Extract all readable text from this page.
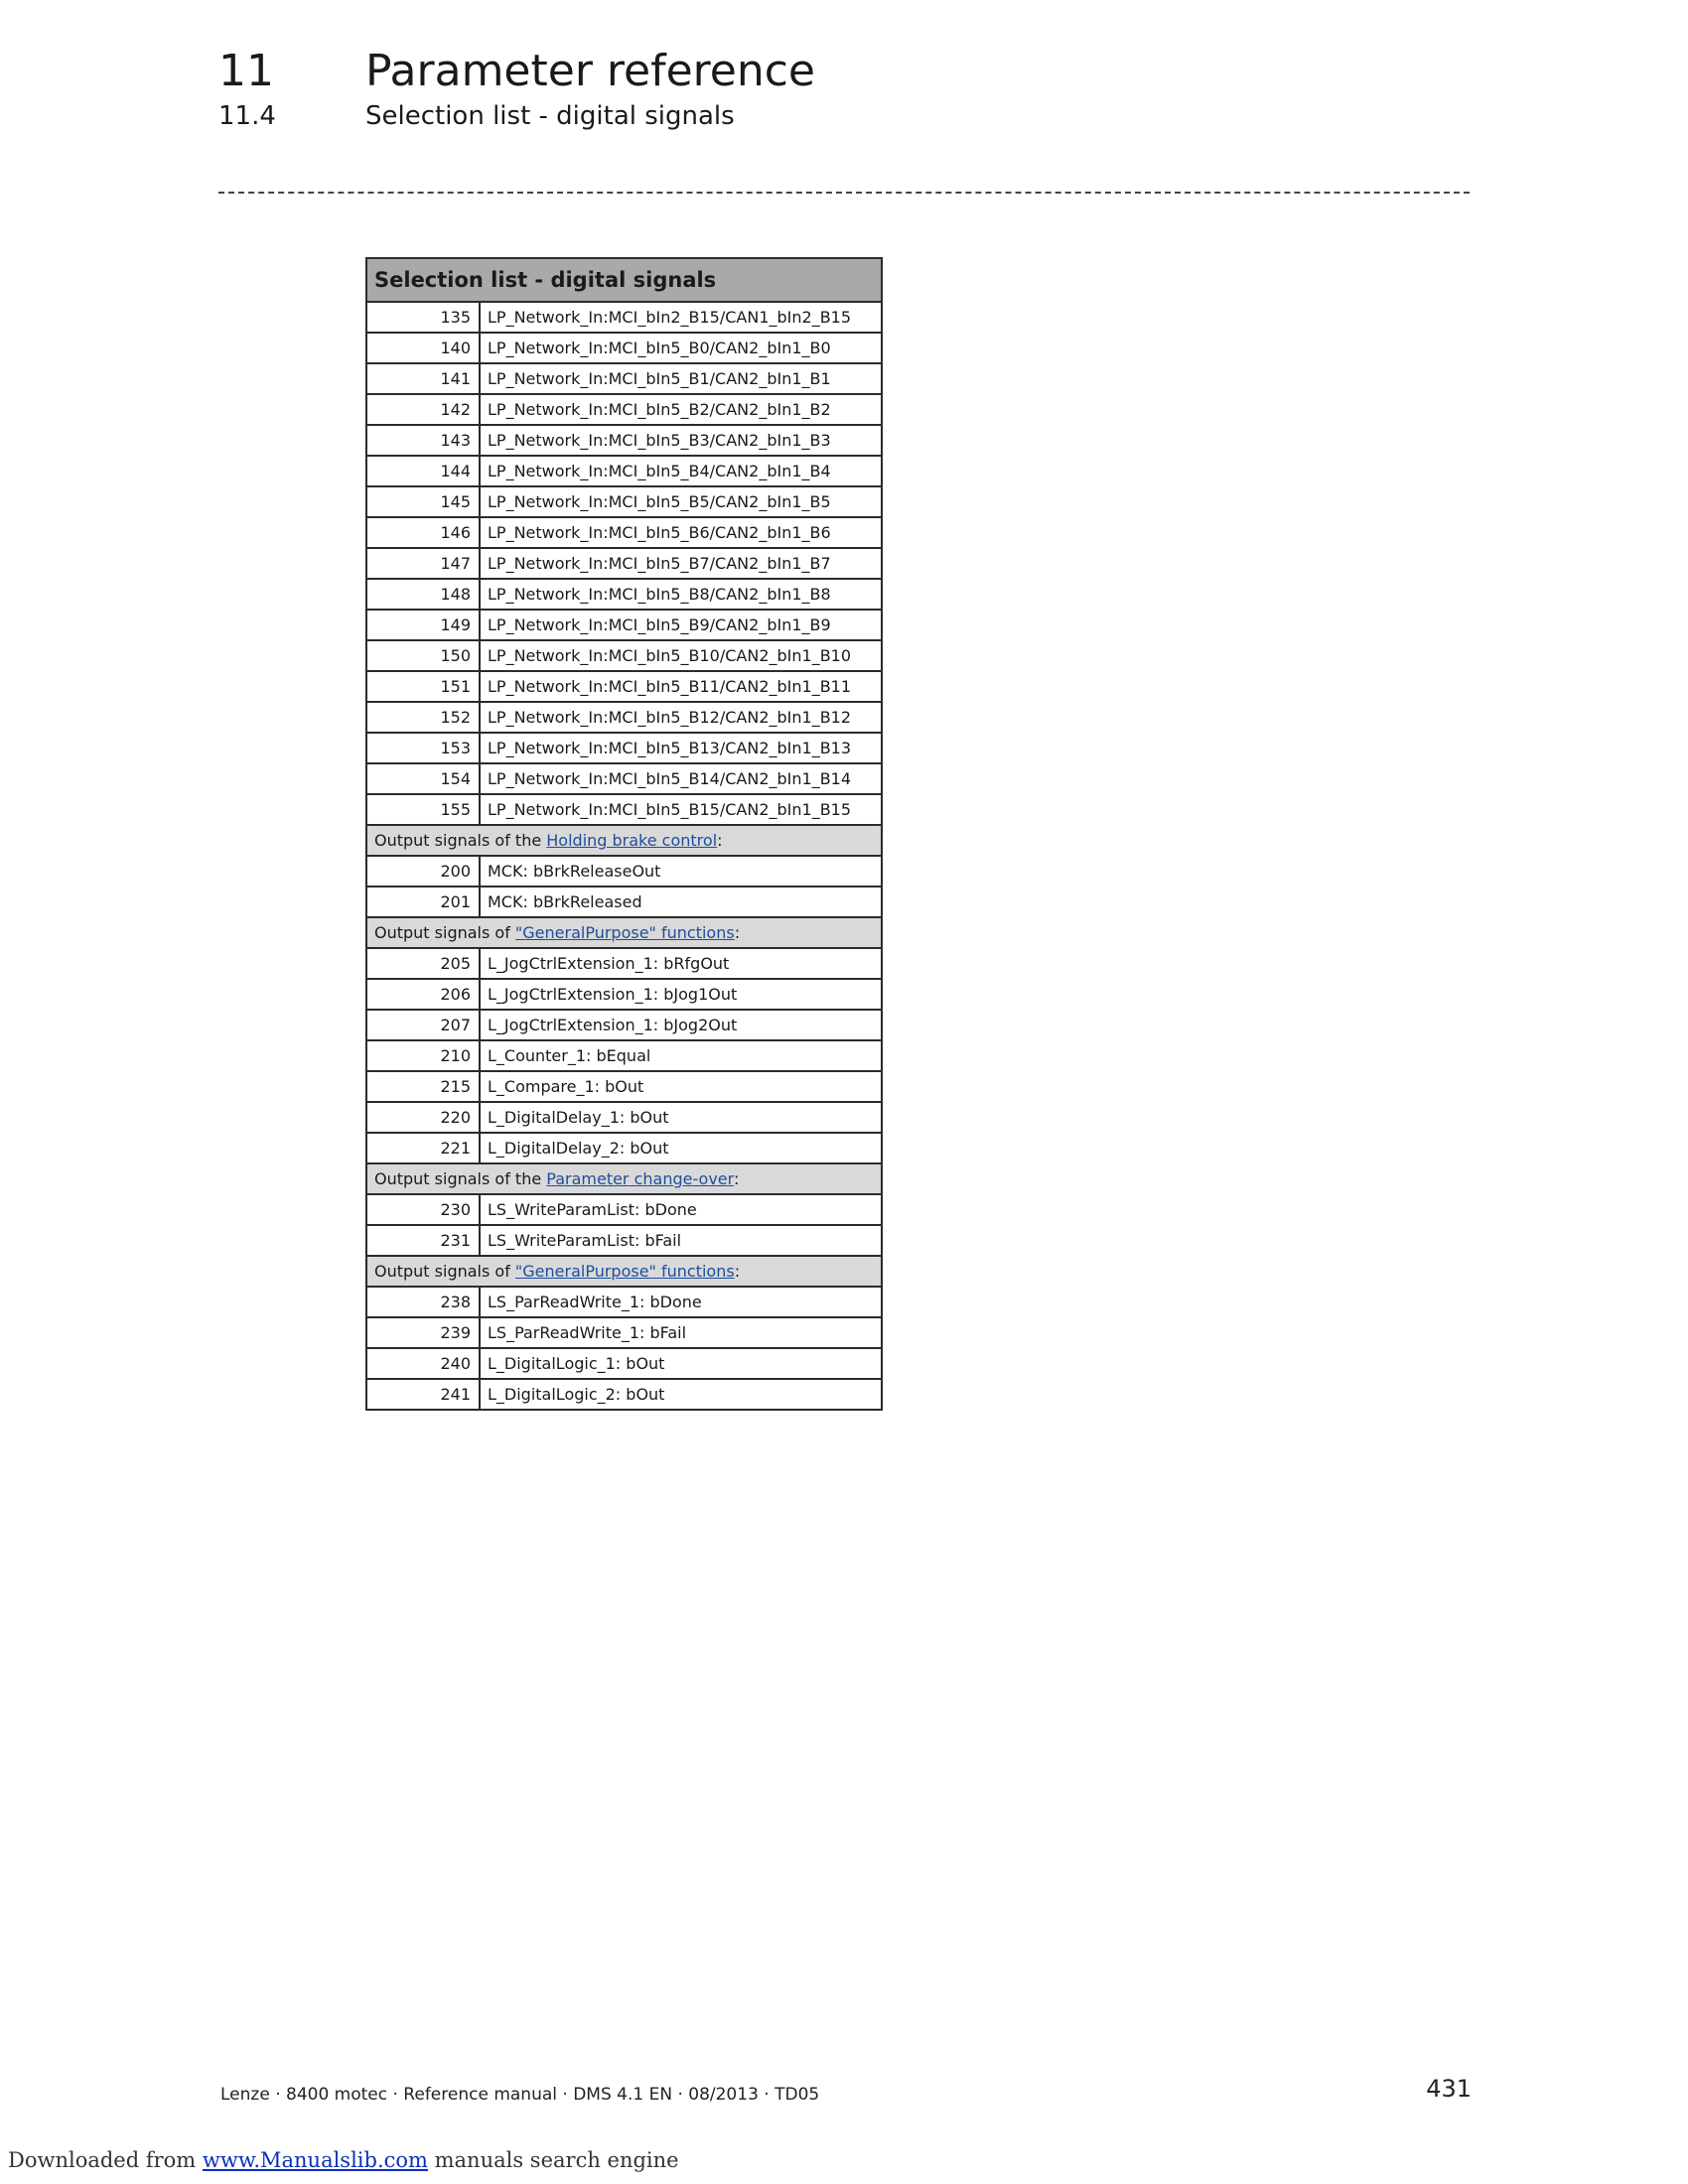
11 Parameter reference
11.4	Selection list - digital signals
Selection list - digital signals	
135	LP_Network_In:MCI_bIn2_B15/CAN1_bIn2_B15
140	LP_Network_In:MCI_bIn5_B0/CAN2_bIn1_B0
141	LP_Network_In:MCI_bIn5_B1/CAN2_bIn1_B1
142	LP_Network_In:MCI_bIn5_B2/CAN2_bIn1_B2
143	LP_Network_In:MCI_bIn5_B3/CAN2_bIn1_B3
144	LP_Network_In:MCI_bIn5_B4/CAN2_bIn1_B4
145	LP_Network_In:MCI_bIn5_B5/CAN2_bIn1_B5
146	LP_Network_In:MCI_bIn5_B6/CAN2_bIn1_B6
147	LP_Network_In:MCI_bIn5_B7/CAN2_bIn1_B7
148	LP_Network_In:MCI_bIn5_B8/CAN2_bIn1_B8
149	LP_Network_In:MCI_bIn5_B9/CAN2_bIn1_B9
150	LP_Network_In:MCI_bIn5_B10/CAN2_bIn1_B10
151	LP_Network_In:MCI_bIn5_B11/CAN2_bIn1_B11
152	LP_Network_In:MCI_bIn5_B12/CAN2_bIn1_B12
153	LP_Network_In:MCI_bIn5_B13/CAN2_bIn1_B13
154	LP_Network_In:MCI_bIn5_B14/CAN2_bIn1_B14
155	LP_Network_In:MCI_bIn5_B15/CAN2_bIn1_B15
Output signals of the Holding brake control:	
200	MCK: bBrkReleaseOut
201	MCK: bBrkReleased
Output signals of "GeneralPurpose" functions:	
205	L_JogCtrlExtension_1: bRfgOut
206	L_JogCtrlExtension_1: bJog1Out
207	L_JogCtrlExtension_1: bJog2Out
210	L_Counter_1: bEqual
215	L_Compare_1: bOut
220	L_DigitalDelay_1: bOut
221	L_DigitalDelay_2: bOut
Output signals of the Parameter change-over:	
230	LS_WriteParamList: bDone
231	LS_WriteParamList: bFail
Output signals of "GeneralPurpose" functions:	
238	LS_ParReadWrite_1: bDone
239	LS_ParReadWrite_1: bFail
240	L_DigitalLogic_1: bOut
241	L_DigitalLogic_2: bOut
Lenze · 8400 motec · Reference manual · DMS 4.1 EN · 08/2013 · TD05	431
Downloaded from www.Manualslib.com manuals search engine
